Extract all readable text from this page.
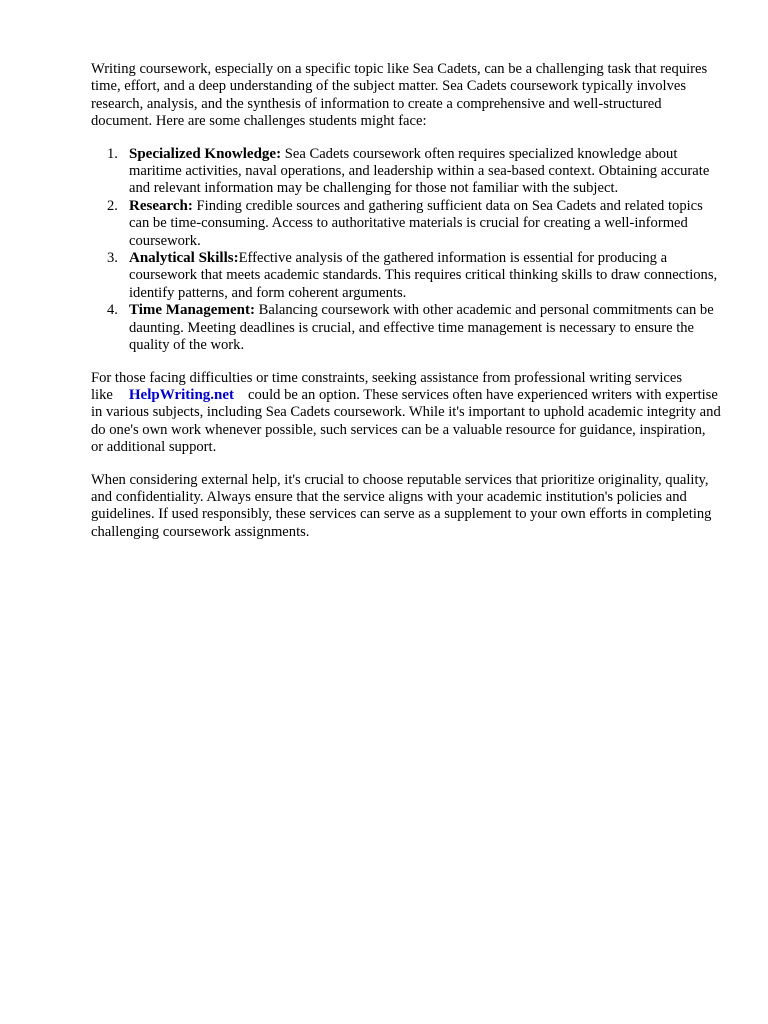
Writing coursework, especially on a specific topic like Sea Cadets, can be a challenging task that requires time, effort, and a deep understanding of the subject matter. Sea Cadets coursework typically involves research, analysis, and the synthesis of information to create a comprehensive and well-structured document. Here are some challenges students might face:

1. Specialized Knowledge: Sea Cadets coursework often requires specialized knowledge about maritime activities, naval operations, and leadership within a sea-based context. Obtaining accurate and relevant information may be challenging for those not familiar with the subject.
2. Research: Finding credible sources and gathering sufficient data on Sea Cadets and related topics can be time-consuming. Access to authoritative materials is crucial for creating a well-informed coursework.
3. Analytical Skills:Effective analysis of the gathered information is essential for producing a coursework that meets academic standards. This requires critical thinking skills to draw connections, identify patterns, and form coherent arguments.
4. Time Management: Balancing coursework with other academic and personal commitments can be daunting. Meeting deadlines is crucial, and effective time management is necessary to ensure the quality of the work.

For those facing difficulties or time constraints, seeking assistance from professional writing services like HelpWriting.net could be an option. These services often have experienced writers with expertise in various subjects, including Sea Cadets coursework. While it's important to uphold academic integrity and do one's own work whenever possible, such services can be a valuable resource for guidance, inspiration, or additional support.

When considering external help, it's crucial to choose reputable services that prioritize originality, quality, and confidentiality. Always ensure that the service aligns with your academic institution's policies and guidelines. If used responsibly, these services can serve as a supplement to your own efforts in completing challenging coursework assignments.
